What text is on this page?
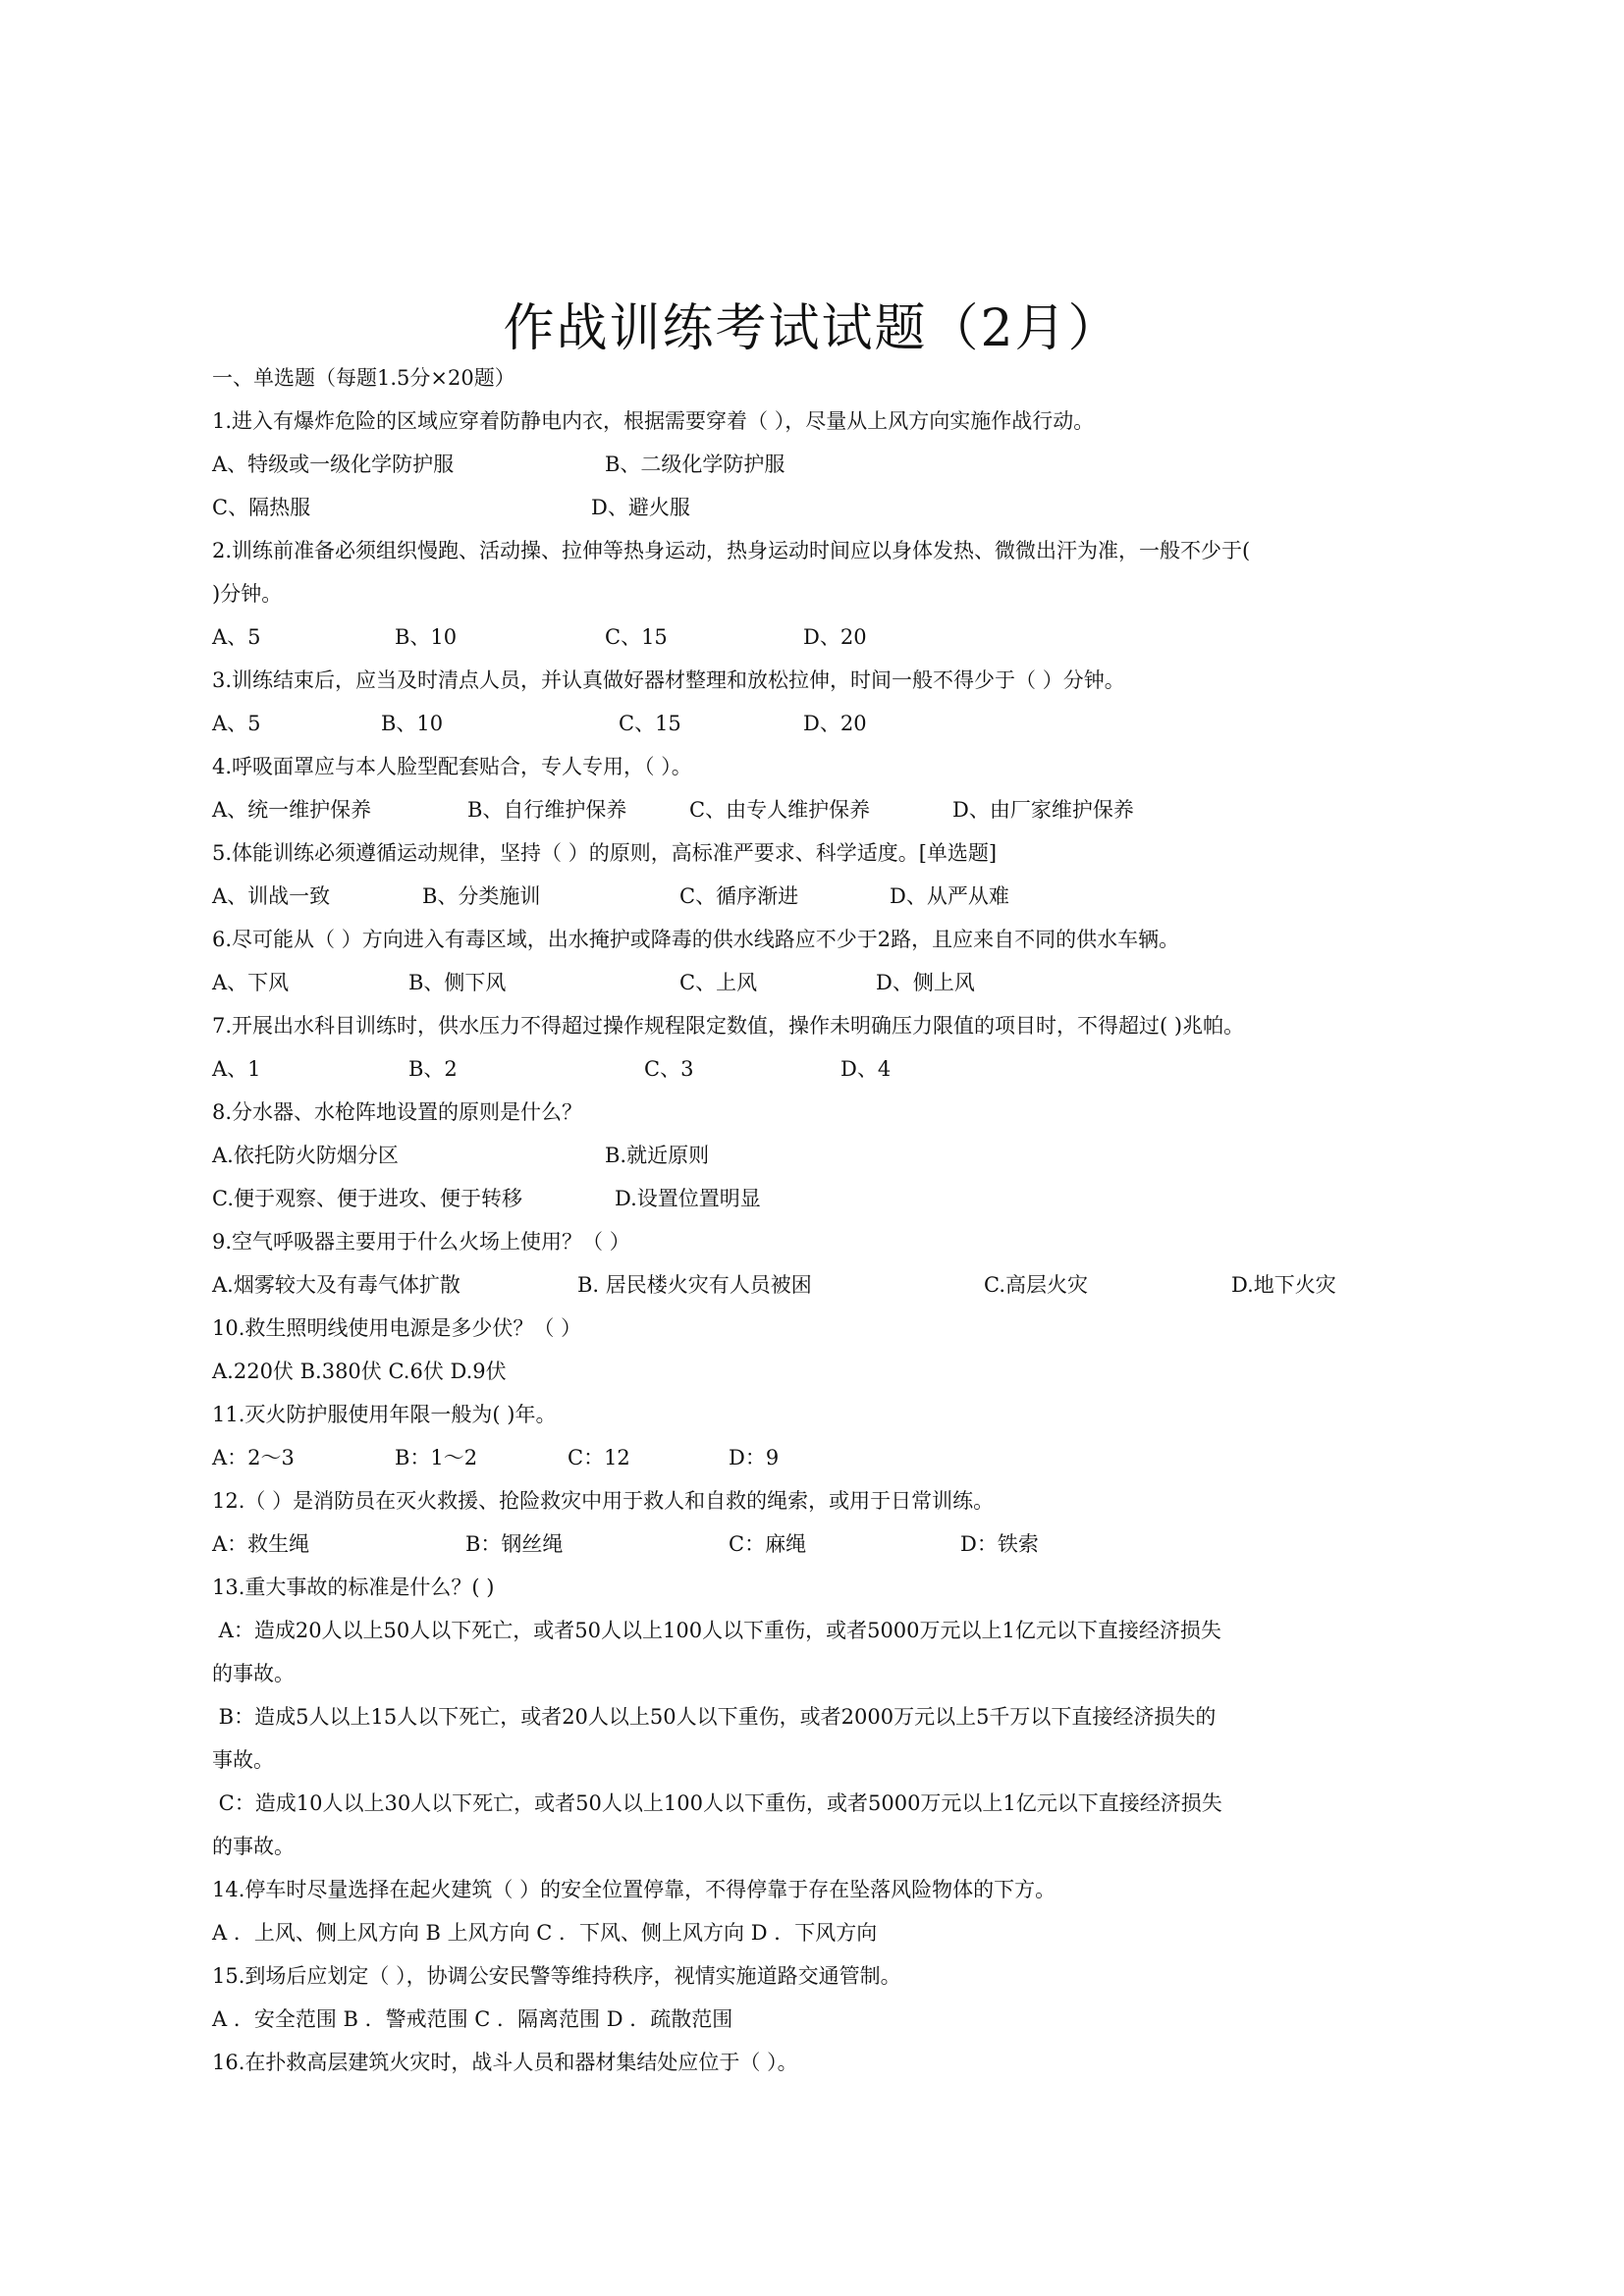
作战训练考试试题（2月）
一、单选题（每题1.5分×20题）
1.进入有爆炸危险的区域应穿着防静电内衣，根据需要穿着（ ），尽量从上风方向实施作战行动。
A、特级或一级化学防护服	B、二级化学防护服
C、隔热服	D、避火服
2.训练前准备必须组织慢跑、活动操、拉伸等热身运动，热身运动时间应以身体发热、微微出汗为准，一般不少于(
)分钟。
A、5	B、10	C、15	D、20
3.训练结束后，应当及时清点人员，并认真做好器材整理和放松拉伸，时间一般不得少于（ ）分钟。
A、5	B、10	C、15	D、20
4.呼吸面罩应与本人脸型配套贴合，专人专用，（ ）。
A、统一维护保养	B、自行维护保养	C、由专人维护保养	D、由厂家维护保养
5.体能训练必须遵循运动规律，坚持（ ）的原则，高标准严要求、科学适度。[单选题]
A、训战一致	B、分类施训	C、循序渐进	D、从严从难
6.尽可能从（ ）方向进入有毒区域，出水掩护或降毒的供水线路应不少于2路，且应来自不同的供水车辆。
A、下风	B、侧下风	C、上风	D、侧上风
7.开展出水科目训练时，供水压力不得超过操作规程限定数值，操作未明确压力限值的项目时，不得超过( )兆帕。
A、1	B、2	C、3	D、4
8.分水器、水枪阵地设置的原则是什么？
A.依托防火防烟分区	B.就近原则
C.便于观察、便于进攻、便于转移	D.设置位置明显
9.空气呼吸器主要用于什么火场上使用？（ ）
A.烟雾较大及有毒气体扩散	B. 居民楼火灾有人员被困	C.高层火灾	D.地下火灾
10.救生照明线使用电源是多少伏？（ ）
A.220伏 B.380伏 C.6伏 D.9伏
11.灭火防护服使用年限一般为( )年。
A：2～3	B：1～2	C：12	D：9
12.（ ）是消防员在灭火救援、抢险救灾中用于救人和自救的绳索，或用于日常训练。
A：救生绳	B：钢丝绳	C：麻绳	D：铁索
13.重大事故的标准是什么？( )
A：造成20人以上50人以下死亡，或者50人以上100人以下重伤，或者5000万元以上1亿元以下直接经济损失
的事故。
B：造成5人以上15人以下死亡，或者20人以上50人以下重伤，或者2000万元以上5千万以下直接经济损失的
事故。
C：造成10人以上30人以下死亡，或者50人以上100人以下重伤，或者5000万元以上1亿元以下直接经济损失
的事故。
14.停车时尽量选择在起火建筑（ ）的安全位置停靠，不得停靠于存在坠落风险物体的下方。
A ．上风、侧上风方向 B 上风方向 C ．下风、侧上风方向 D ．下风方向
15.到场后应划定（ ），协调公安民警等维持秩序，视情实施道路交通管制。
A ．安全范围 B ．警戒范围 C ．隔离范围 D ．疏散范围
16.在扑救高层建筑火灾时，战斗人员和器材集结处应位于（ ）。
